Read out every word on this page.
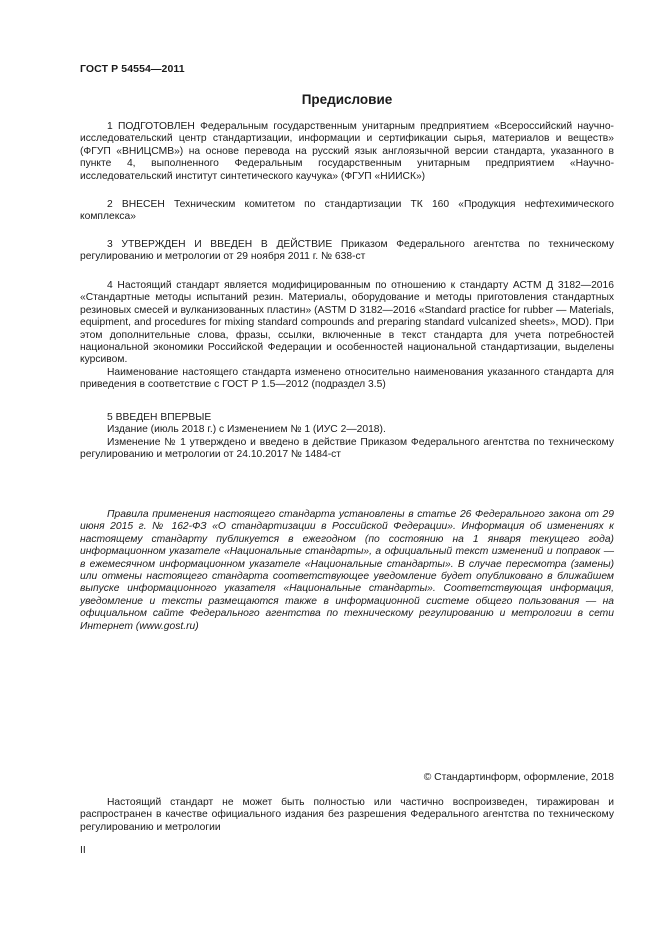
ГОСТ Р 54554—2011
Предисловие

1 ПОДГОТОВЛЕН Федеральным государственным унитарным предприятием «Всероссийский научно-исследовательский центр стандартизации, информации и сертификации сырья, материалов и веществ» (ФГУП «ВНИЦСМВ») на основе перевода на русский язык англоязычной версии стандарта, указанного в пункте 4, выполненного Федеральным государственным унитарным предприятием «Научно-исследовательский институт синтетического каучука» (ФГУП «НИИСК»)

2 ВНЕСЕН Техническим комитетом по стандартизации ТК 160 «Продукция нефтехимического комплекса»

3 УТВЕРЖДЕН И ВВЕДЕН В ДЕЙСТВИЕ Приказом Федерального агентства по техническому регулированию и метрологии от 29 ноября 2011 г. № 638-ст

4 Настоящий стандарт является модифицированным по отношению к стандарту АСТМ Д 3182—2016 «Стандартные методы испытаний резин. Материалы, оборудование и методы приготовления стандартных резиновых смесей и вулканизованных пластин» (ASTM D 3182—2016 «Standard practice for rubber — Materials, equipment, and procedures for mixing standard compounds and preparing standard vulcanized sheets», MOD). При этом дополнительные слова, фразы, ссылки, включенные в текст стандарта для учета потребностей национальной экономики Российской Федерации и особенностей национальной стандартизации, выделены курсивом.

Наименование настоящего стандарта изменено относительно наименования указанного стандарта для приведения в соответствие с ГОСТ Р 1.5—2012 (подраздел 3.5)

5 ВВЕДЕН ВПЕРВЫЕ

Издание (июль 2018 г.) с Изменением № 1 (ИУС 2—2018).

Изменение № 1 утверждено и введено в действие Приказом Федерального агентства по техническому регулированию и метрологии от 24.10.2017 № 1484-ст

Правила применения настоящего стандарта установлены в статье 26 Федерального закона от 29 июня 2015 г. № 162-ФЗ «О стандартизации в Российской Федерации». Информация об изменениях к настоящему стандарту публикуется в ежегодном (по состоянию на 1 января текущего года) информационном указателе «Национальные стандарты», а официальный текст изменений и поправок — в ежемесячном информационном указателе «Национальные стандарты». В случае пересмотра (замены) или отмены настоящего стандарта соответствующее уведомление будет опубликовано в ближайшем выпуске информационного указателя «Национальные стандарты». Соответствующая информация, уведомление и тексты размещаются также в информационной системе общего пользования — на официальном сайте Федерального агентства по техническому регулированию и метрологии в сети Интернет (www.gost.ru)

© Стандартинформ, оформление, 2018

Настоящий стандарт не может быть полностью или частично воспроизведен, тиражирован и распространен в качестве официального издания без разрешения Федерального агентства по техническому регулированию и метрологии

II
